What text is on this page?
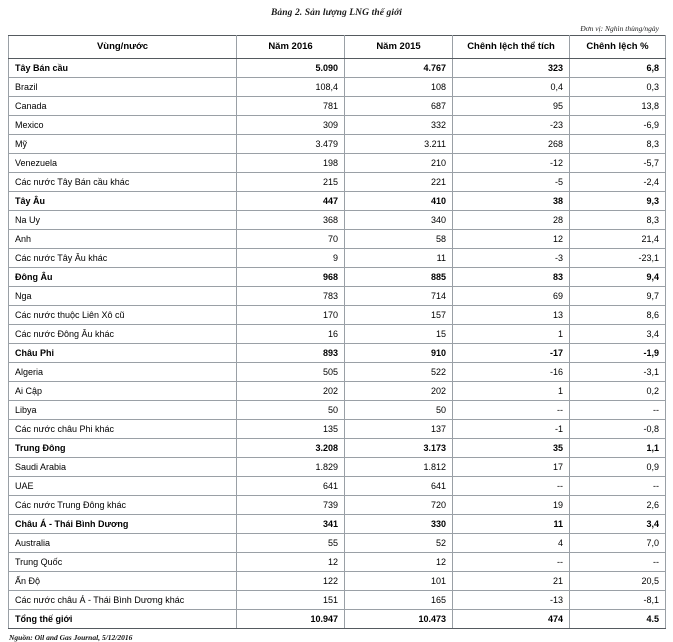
Bảng 2. Sản lượng LNG thế giới
Đơn vị: Nghìn thùng/ngày
Vùng/nước	Năm 2016	Năm 2015	Chênh lệch thể tích	Chênh lệch %
Tây Bán cầu	5.090	4.767	323	6,8
Brazil	108,4	108	0,4	0,3
Canada	781	687	95	13,8
Mexico	309	332	-23	-6,9
Mỹ	3.479	3.211	268	8,3
Venezuela	198	210	-12	-5,7
Các nước Tây Bán cầu khác	215	221	-5	-2,4
Tây Âu	447	410	38	9,3
Na Uy	368	340	28	8,3
Anh	70	58	12	21,4
Các nước Tây Âu khác	9	11	-3	-23,1
Đông Âu	968	885	83	9,4
Nga	783	714	69	9,7
Các nước thuộc Liên Xô cũ	170	157	13	8,6
Các nước Đông Âu khác	16	15	1	3,4
Châu Phi	893	910	-17	-1,9
Algeria	505	522	-16	-3,1
Ai Cập	202	202	1	0,2
Libya	50	50	--	--
Các nước châu Phi khác	135	137	-1	-0,8
Trung Đông	3.208	3.173	35	1,1
Saudi Arabia	1.829	1.812	17	0,9
UAE	641	641	--	--
Các nước Trung Đông khác	739	720	19	2,6
Châu Á - Thái Bình Dương	341	330	11	3,4
Australia	55	52	4	7,0
Trung Quốc	12	12	--	--
Ấn Độ	122	101	21	20,5
Các nước châu Á - Thái Bình Dương khác	151	165	-13	-8,1
Tổng thế giới	10.947	10.473	474	4.5
Nguồn: Oil and Gas Journal, 5/12/2016
